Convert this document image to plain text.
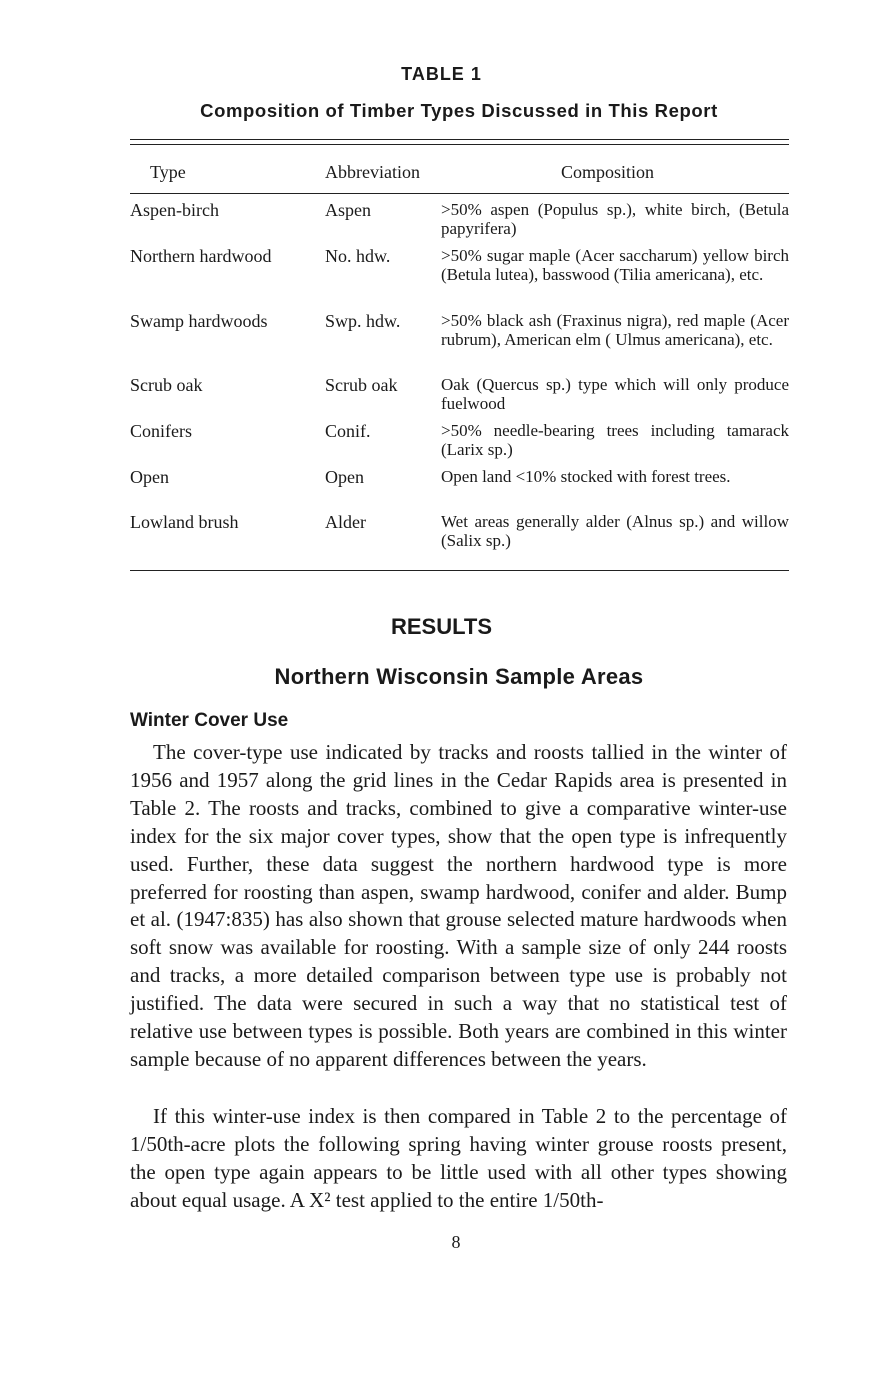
TABLE 1
Composition of Timber Types Discussed in This Report
Type	Abbreviation	Composition
Aspen-birch	Aspen	>50% aspen (Populus sp.), white birch, (Betula papyrifera)
Northern hardwood	No. hdw.	>50% sugar maple (Acer saccharum) yellow birch (Betula lutea), basswood (Tilia americana), etc.
Swamp hardwoods	Swp. hdw.	>50% black ash (Fraxinus nigra), red maple (Acer rubrum), American elm ( Ulmus americana), etc.
Scrub oak	Scrub oak	Oak (Quercus sp.) type which will only produce fuelwood
Conifers	Conif.	>50% needle-bearing trees including tamarack (Larix sp.)
Open	Open	Open land <10% stocked with forest trees.
Lowland brush	Alder	Wet areas generally alder (Alnus sp.) and willow (Salix sp.)
RESULTS
Northern Wisconsin Sample Areas
Winter Cover Use

The cover-type use indicated by tracks and roosts tallied in the winter of 1956 and 1957 along the grid lines in the Cedar Rapids area is presented in Table 2. The roosts and tracks, combined to give a comparative winter-use index for the six major cover types, show that the open type is infrequently used. Further, these data suggest the northern hardwood type is more preferred for roosting than aspen, swamp hardwood, conifer and alder. Bump et al. (1947:835) has also shown that grouse selected mature hardwoods when soft snow was available for roosting. With a sample size of only 244 roosts and tracks, a more detailed comparison between type use is probably not justified. The data were secured in such a way that no statistical test of relative use between types is possible. Both years are combined in this winter sample because of no apparent differences between the years.

If this winter-use index is then compared in Table 2 to the percentage of 1/50th-acre plots the following spring having winter grouse roosts present, the open type again appears to be little used with all other types showing about equal usage. A X² test applied to the entire 1/50th-

8
